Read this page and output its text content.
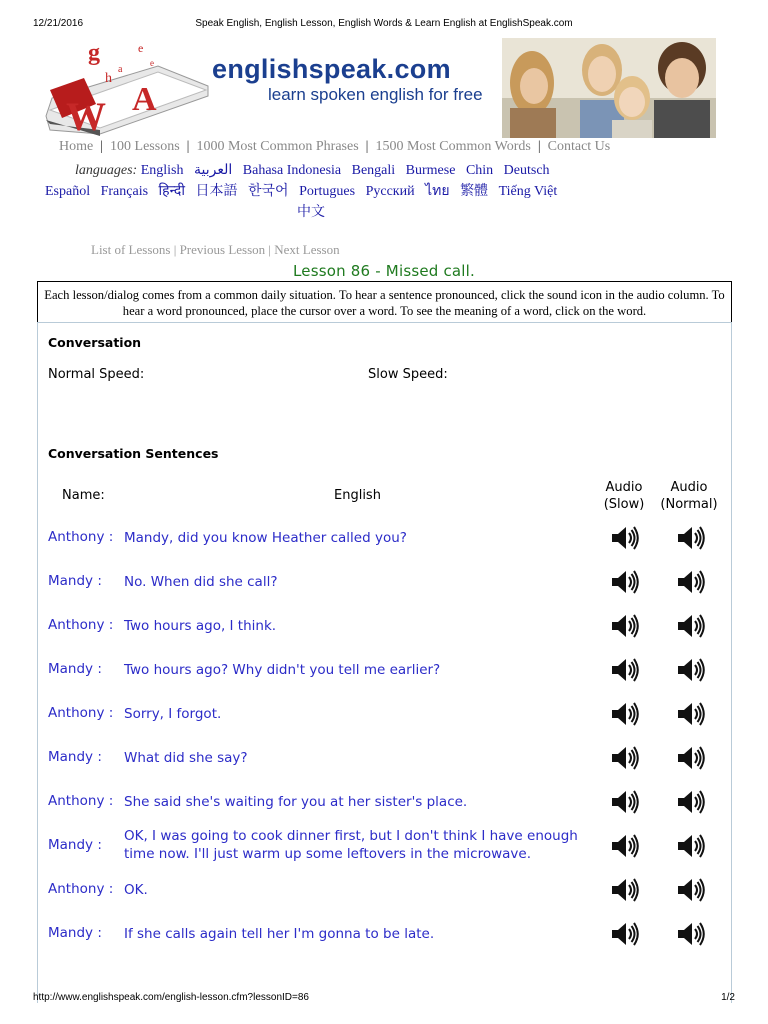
12/21/2016	Speak English, English Lesson, English Words & Learn English at EnglishSpeak.com
g
h
e
e
A
W
a	englishspeak.com
learn spoken english for free
Home | 100 Lessons | 1000 Most Common Phrases | 1500 Most Common Words | Contact Us
languages: English العربية Bahasa Indonesia Bengali Burmese Chin Deutsch
Español Français हिन्दी 日本語 한국어 Portugues Русский ไทย 繁體 Tiếng Việt
中文
List of Lessons | Previous Lesson | Next Lesson
Lesson 86 - Missed call.

Each lesson/dialog comes from a common daily situation. To hear a sentence pronounced, click the sound icon in the audio column. To hear a word pronounced, place the cursor over a word. To see the meaning of a word, click on the word.

Conversation
Normal Speed:	Slow Speed:
Conversation Sentences
Name:	English
Audio
(Slow)
Audio
(Normal)
Anthony : Mandy, did you know Heather called you?
Mandy : No. When did she call?
Anthony : Two hours ago, I think.
Mandy : Two hours ago? Why didn't you tell me earlier?
Anthony : Sorry, I forgot.
Mandy : What did she say?
Anthony : She said she's waiting for you at her sister's place.
Mandy :
OK, I was going to cook dinner first, but I don't think I have enough time now. I'll just warm up some leftovers in the microwave.
Anthony : OK.
Mandy : If she calls again tell her I'm gonna to be late.
http://www.englishspeak.com/english-lesson.cfm?lessonID=86	1/2
